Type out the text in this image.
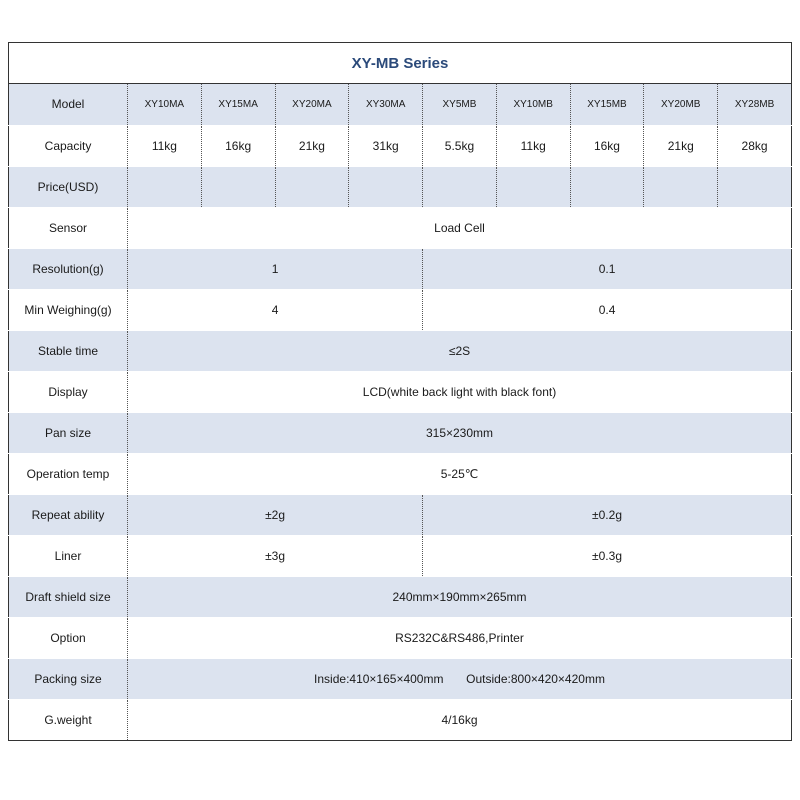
XY-MB Series
Model	XY10MA	XY15MA	XY20MA	XY30MA	XY5MB	XY10MB	XY15MB	XY20MB	XY28MB
Capacity	11kg	16kg	21kg	31kg	5.5kg	11kg	16kg	21kg	28kg
Price(USD)									
Sensor	Load Cell								
Resolution(g)	1				0.1				
Min Weighing(g)	4				0.4				
Stable time	≤2S								
Display	LCD(white back light with black font)								
Pan size	315×230mm								
Operation temp	5-25℃								
Repeat ability	±2g				±0.2g				
Liner	±3g				±0.3g				
Draft shield size	240mm×190mm×265mm								
Option	RS232C&RS486,Printer								
Packing size	Inside:410×165×400mm Outside:800×420×420mm								
G.weight	4/16kg								
